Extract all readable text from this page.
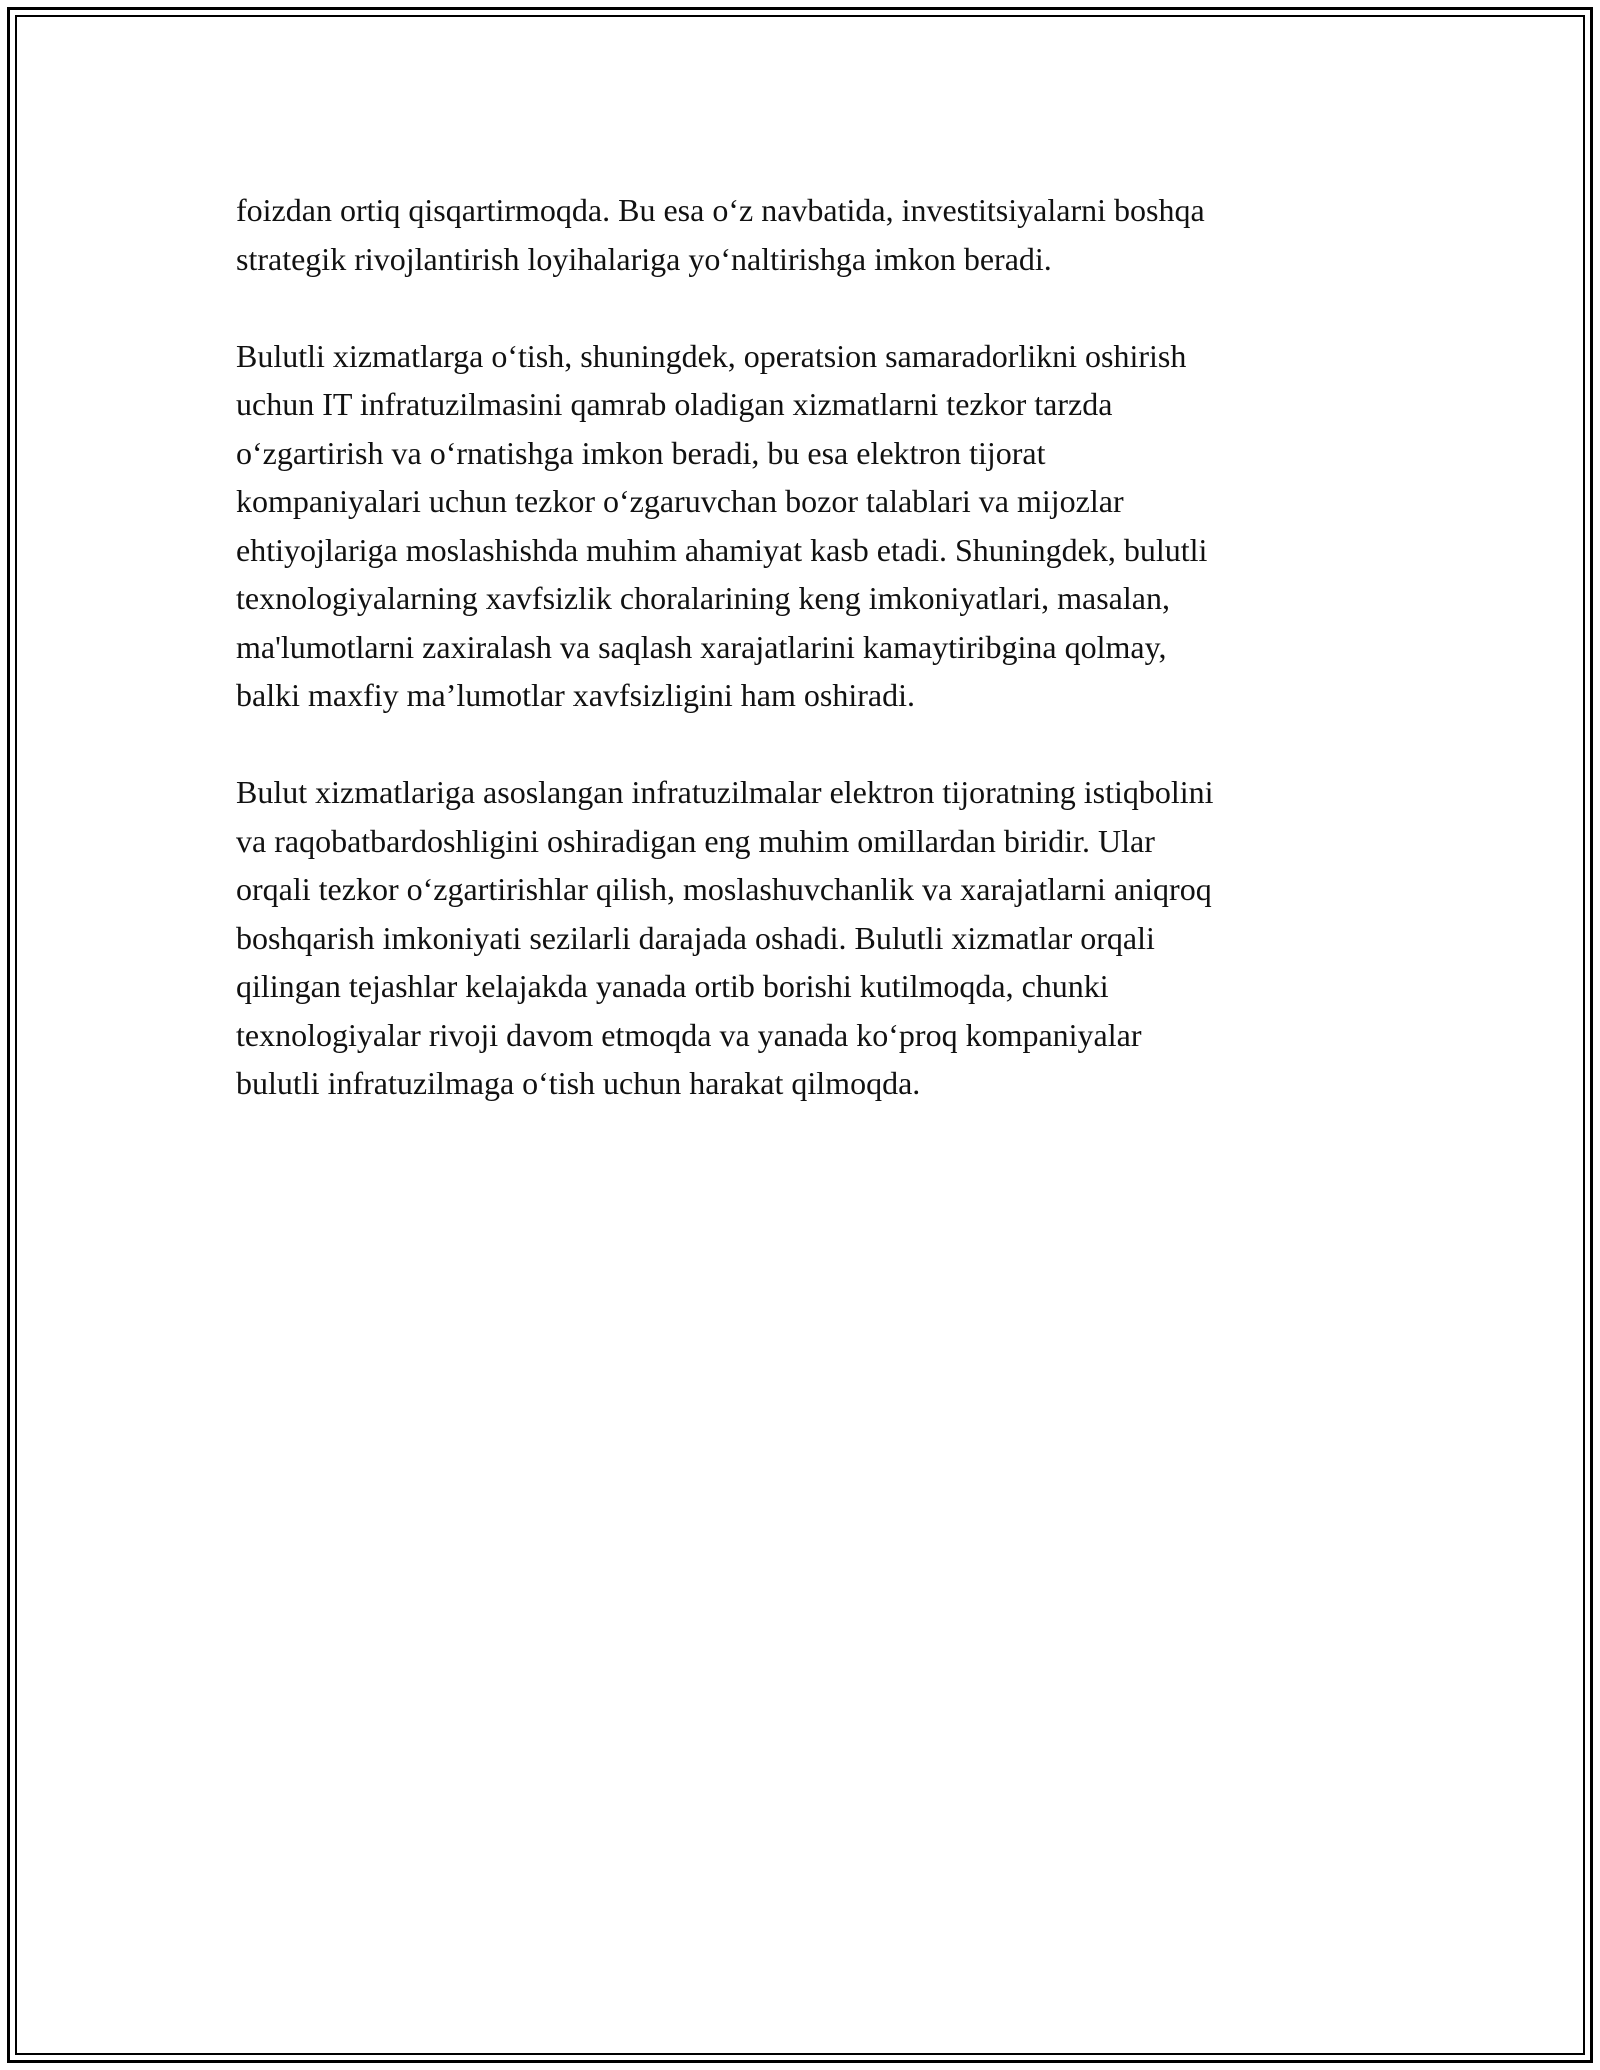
foizdan ortiq qisqartirmoqda. Bu esa o‘z navbatida, investitsiyalarni boshqa
strategik rivojlantirish loyihalariga yo‘naltirishga imkon beradi.

Bulutli xizmatlarga o‘tish, shuningdek, operatsion samaradorlikni oshirish
uchun IT infratuzilmasini qamrab oladigan xizmatlarni tezkor tarzda
o‘zgartirish va o‘rnatishga imkon beradi, bu esa elektron tijorat
kompaniyalari uchun tezkor o‘zgaruvchan bozor talablari va mijozlar
ehtiyojlariga moslashishda muhim ahamiyat kasb etadi. Shuningdek, bulutli
texnologiyalarning xavfsizlik choralarining keng imkoniyatlari, masalan,
ma'lumotlarni zaxiralash va saqlash xarajatlarini kamaytiribgina qolmay,
balki maxfiy ma’lumotlar xavfsizligini ham oshiradi.

Bulut xizmatlariga asoslangan infratuzilmalar elektron tijoratning istiqbolini
va raqobatbardoshligini oshiradigan eng muhim omillardan biridir. Ular
orqali tezkor o‘zgartirishlar qilish, moslashuvchanlik va xarajatlarni aniqroq
boshqarish imkoniyati sezilarli darajada oshadi. Bulutli xizmatlar orqali
qilingan tejashlar kelajakda yanada ortib borishi kutilmoqda, chunki
texnologiyalar rivoji davom etmoqda va yanada ko‘proq kompaniyalar
bulutli infratuzilmaga o‘tish uchun harakat qilmoqda.
